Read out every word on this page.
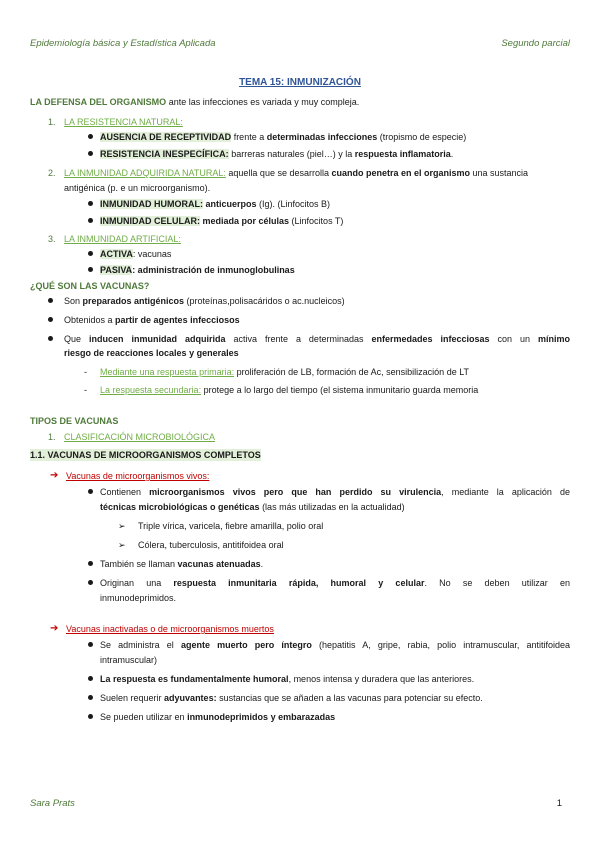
Epidemiología básica y Estadística Aplicada	Segundo parcial
TEMA 15: INMUNIZACIÓN
LA DEFENSA DEL ORGANISMO ante las infecciones es variada y muy compleja.
1. LA RESISTENCIA NATURAL:
AUSENCIA DE RECEPTIVIDAD frente a determinadas infecciones (tropismo de especie)
RESISTENCIA INESPECÍFICA: barreras naturales (piel…) y la respuesta inflamatoria.
2. LA INMUNIDAD ADQUIRIDA NATURAL: aquella que se desarrolla cuando penetra en el organismo una sustancia
antigénica (p. e un microorganismo).
INMUNIDAD HUMORAL: anticuerpos (Ig). (Linfocitos B)
INMUNIDAD CELULAR: mediada por células (Linfocitos T)
3. LA INMUNIDAD ARTIFICIAL:
ACTIVA: vacunas
PASIVA: administración de inmunoglobulinas
¿QUÉ SON LAS VACUNAS?
Son preparados antigénicos (proteínas,polisacáridos o ac.nucleicos)
Obtenidos a partir de agentes infecciosos
Que inducen inmunidad adquirida activa frente a determinadas enfermedades infecciosas con un mínimo
riesgo de reacciones locales y generales
- Mediante una respuesta primaria: proliferación de LB, formación de Ac, sensibilización de LT
- La respuesta secundaria: protege a lo largo del tiempo (el sistema inmunitario guarda memoria
TIPOS DE VACUNAS
1. CLASIFICACIÓN MICROBIOLÓGICA
1.1. VACUNAS DE MICROORGANISMOS COMPLETOS
➔ Vacunas de microorganismos vivos:
Contienen microorganismos vivos pero que han perdido su virulencia, mediante la aplicación de
técnicas microbiológicas o genéticas (las más utilizadas en la actualidad)
➢ Triple vírica, varicela, fiebre amarilla, polio oral
➢ Cólera, tuberculosis, antitifoidea oral
También se llaman vacunas atenuadas.
Originan una respuesta inmunitaria rápida, humoral y celular. No se deben utilizar en
inmunodeprimidos.
➔ Vacunas inactivadas o de microorganismos muertos
Se administra el agente muerto pero íntegro (hepatitis A, gripe, rabia, polio intramuscular, antitifoidea
intramuscular)
La respuesta es fundamentalmente humoral, menos intensa y duradera que las anteriores.
Suelen requerir adyuvantes: sustancias que se añaden a las vacunas para potenciar su efecto.
Se pueden utilizar en inmunodeprimidos y embarazadas
Sara Prats	1
